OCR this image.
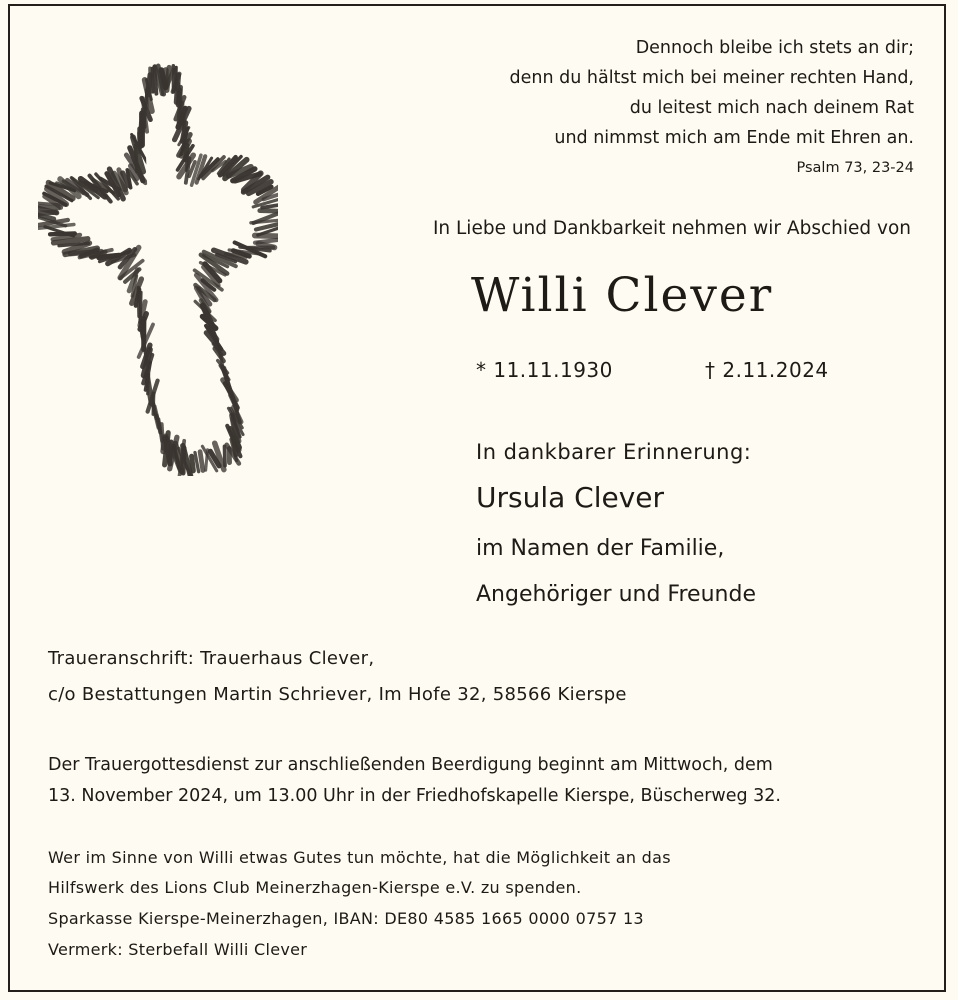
Dennoch bleibe ich stets an dir;
denn du hältst mich bei meiner rechten Hand,
du leitest mich nach deinem Rat
und nimmst mich am Ende mit Ehren an.
Psalm 73, 23-24
In Liebe und Dankbarkeit nehmen wir Abschied von
Willi Clever
* 11.11.1930	† 2.11.2024
In dankbarer Erinnerung:
Ursula Clever
im Namen der Familie,
Angehöriger und Freunde
Traueranschrift: Trauerhaus Clever,
c/o Bestattungen Martin Schriever, Im Hofe 32, 58566 Kierspe
Der Trauergottesdienst zur anschließenden Beerdigung beginnt am Mittwoch, dem
13. November 2024, um 13.00 Uhr in der Friedhofskapelle Kierspe, Büscherweg 32.
Wer im Sinne von Willi etwas Gutes tun möchte, hat die Möglichkeit an das
Hilfswerk des Lions Club Meinerzhagen-Kierspe e.V. zu spenden.
Sparkasse Kierspe-Meinerzhagen, IBAN: DE80 4585 1665 0000 0757 13
Vermerk: Sterbefall Willi Clever
